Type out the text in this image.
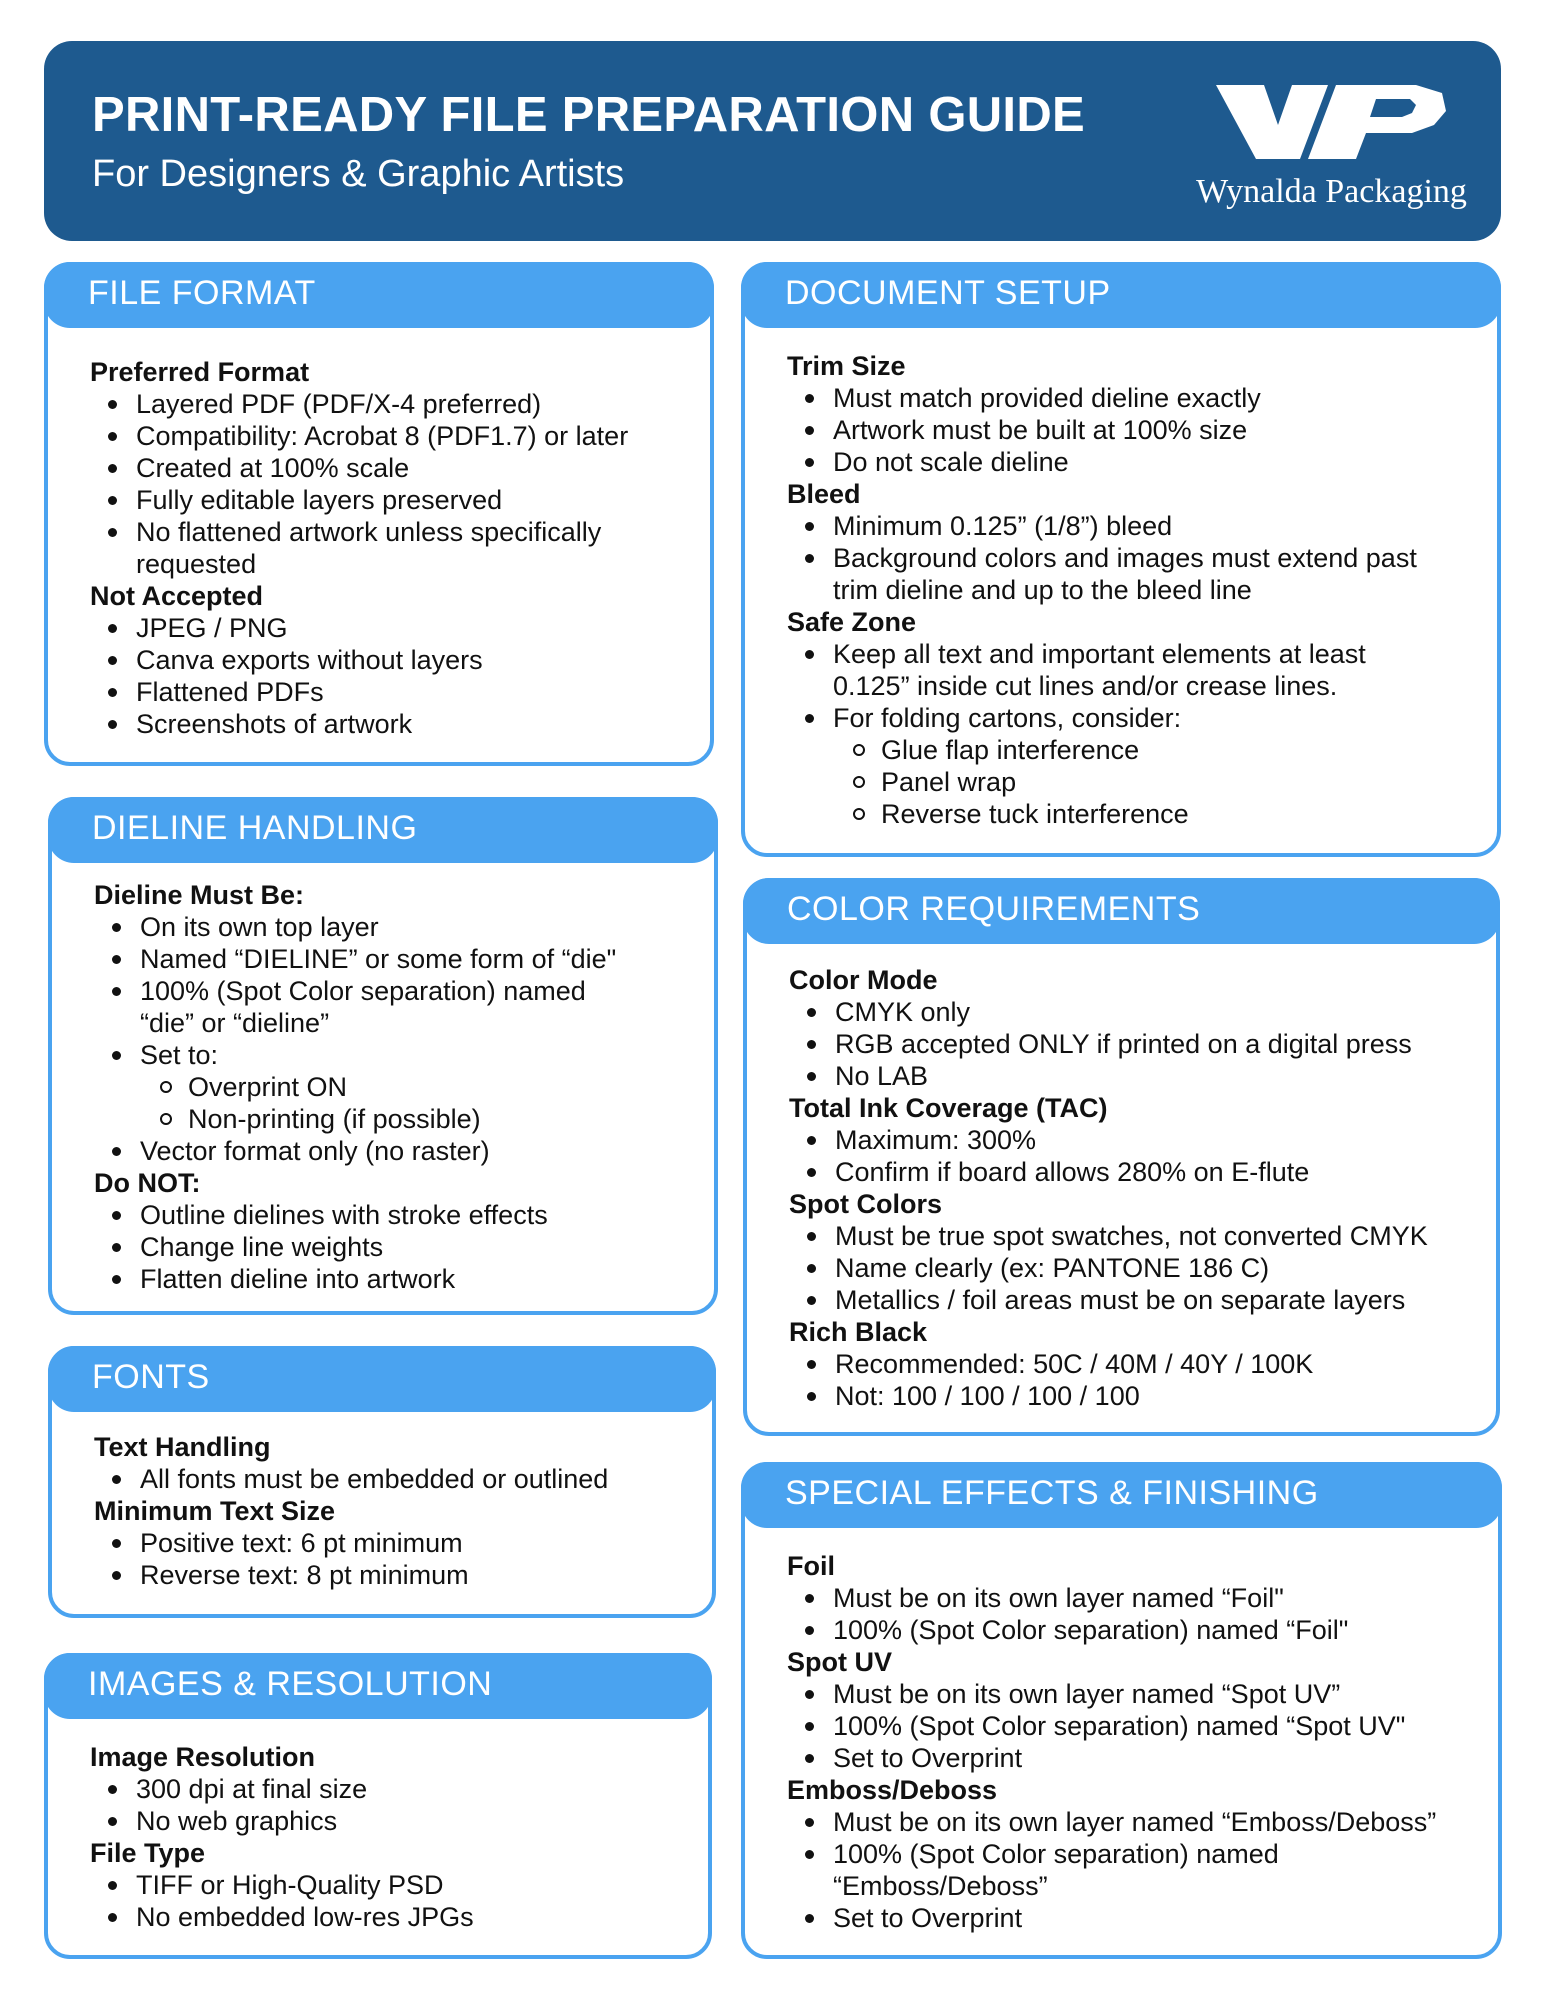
PRINT-READY FILE PREPARATION GUIDE
For Designers & Graphic Artists	Wynalda Packaging
FILE FORMAT

Preferred Format

Layered PDF (PDF/X-4 preferred)
Compatibility: Acrobat 8 (PDF1.7) or later
Created at 100% scale
Fully editable layers preserved
No flattened artwork unless specifically requested

Not Accepted

JPEG / PNG
Canva exports without layers
Flattened PDFs
Screenshots of artwork
DIELINE HANDLING

Dieline Must Be:

On its own top layer
Named “DIELINE” or some form of “die"
100% (Spot Color separation) named “die” or “dieline”
Set to:
Overprint ON
Non-printing (if possible)
Vector format only (no raster)

Do NOT:

Outline dielines with stroke effects
Change line weights
Flatten dieline into artwork
FONTS

Text Handling

All fonts must be embedded or outlined

Minimum Text Size

Positive text: 6 pt minimum
Reverse text: 8 pt minimum
IMAGES & RESOLUTION

Image Resolution

300 dpi at final size
No web graphics

File Type

TIFF or High-Quality PSD
No embedded low-res JPGs
DOCUMENT SETUP

Trim Size

Must match provided dieline exactly
Artwork must be built at 100% size
Do not scale dieline

Bleed

Minimum 0.125” (1/8”) bleed
Background colors and images must extend past trim dieline and up to the bleed line

Safe Zone

Keep all text and important elements at least 0.125” inside cut lines and/or crease lines.
For folding cartons, consider:
Glue flap interference
Panel wrap
Reverse tuck interference
COLOR REQUIREMENTS

Color Mode

CMYK only
RGB accepted ONLY if printed on a digital press
No LAB

Total Ink Coverage (TAC)

Maximum: 300%
Confirm if board allows 280% on E-flute

Spot Colors

Must be true spot swatches, not converted CMYK
Name clearly (ex: PANTONE 186 C)
Metallics / foil areas must be on separate layers

Rich Black

Recommended: 50C / 40M / 40Y / 100K
Not: 100 / 100 / 100 / 100
SPECIAL EFFECTS & FINISHING

Foil

Must be on its own layer named “Foil"
100% (Spot Color separation) named “Foil"

Spot UV

Must be on its own layer named “Spot UV”
100% (Spot Color separation) named “Spot UV"
Set to Overprint

Emboss/Deboss

Must be on its own layer named “Emboss/Deboss”
100% (Spot Color separation) named “Emboss/Deboss”
Set to Overprint
